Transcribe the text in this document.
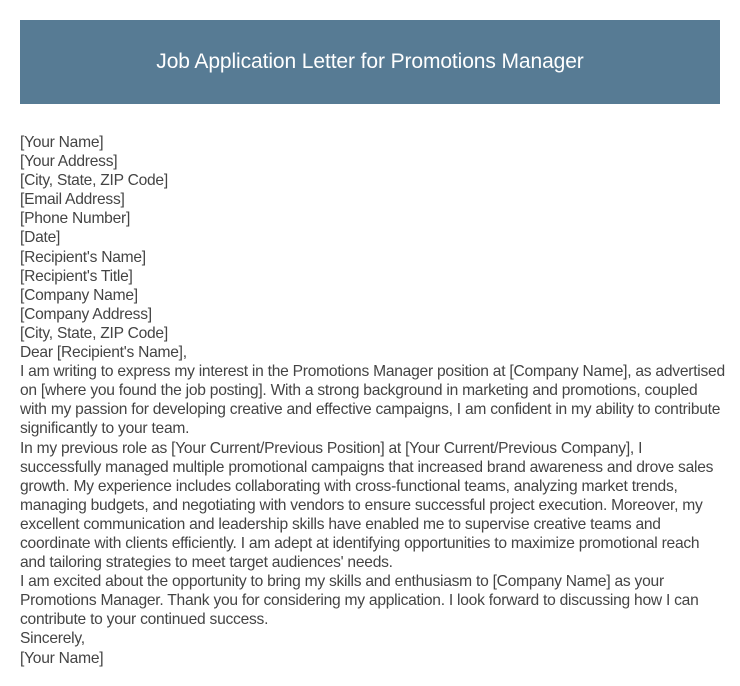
Job Application Letter for Promotions Manager
[Your Name]
[Your Address]
[City, State, ZIP Code]
[Email Address]
[Phone Number]
[Date]
[Recipient's Name]
[Recipient's Title]
[Company Name]
[Company Address]
[City, State, ZIP Code]
Dear [Recipient's Name],
I am writing to express my interest in the Promotions Manager position at [Company Name], as advertised on [where you found the job posting]. With a strong background in marketing and promotions, coupled with my passion for developing creative and effective campaigns, I am confident in my ability to contribute significantly to your team.
In my previous role as [Your Current/Previous Position] at [Your Current/Previous Company], I successfully managed multiple promotional campaigns that increased brand awareness and drove sales growth. My experience includes collaborating with cross-functional teams, analyzing market trends, managing budgets, and negotiating with vendors to ensure successful project execution. Moreover, my excellent communication and leadership skills have enabled me to supervise creative teams and coordinate with clients efficiently. I am adept at identifying opportunities to maximize promotional reach and tailoring strategies to meet target audiences' needs.
I am excited about the opportunity to bring my skills and enthusiasm to [Company Name] as your Promotions Manager. Thank you for considering my application. I look forward to discussing how I can contribute to your continued success.
Sincerely,
[Your Name]
